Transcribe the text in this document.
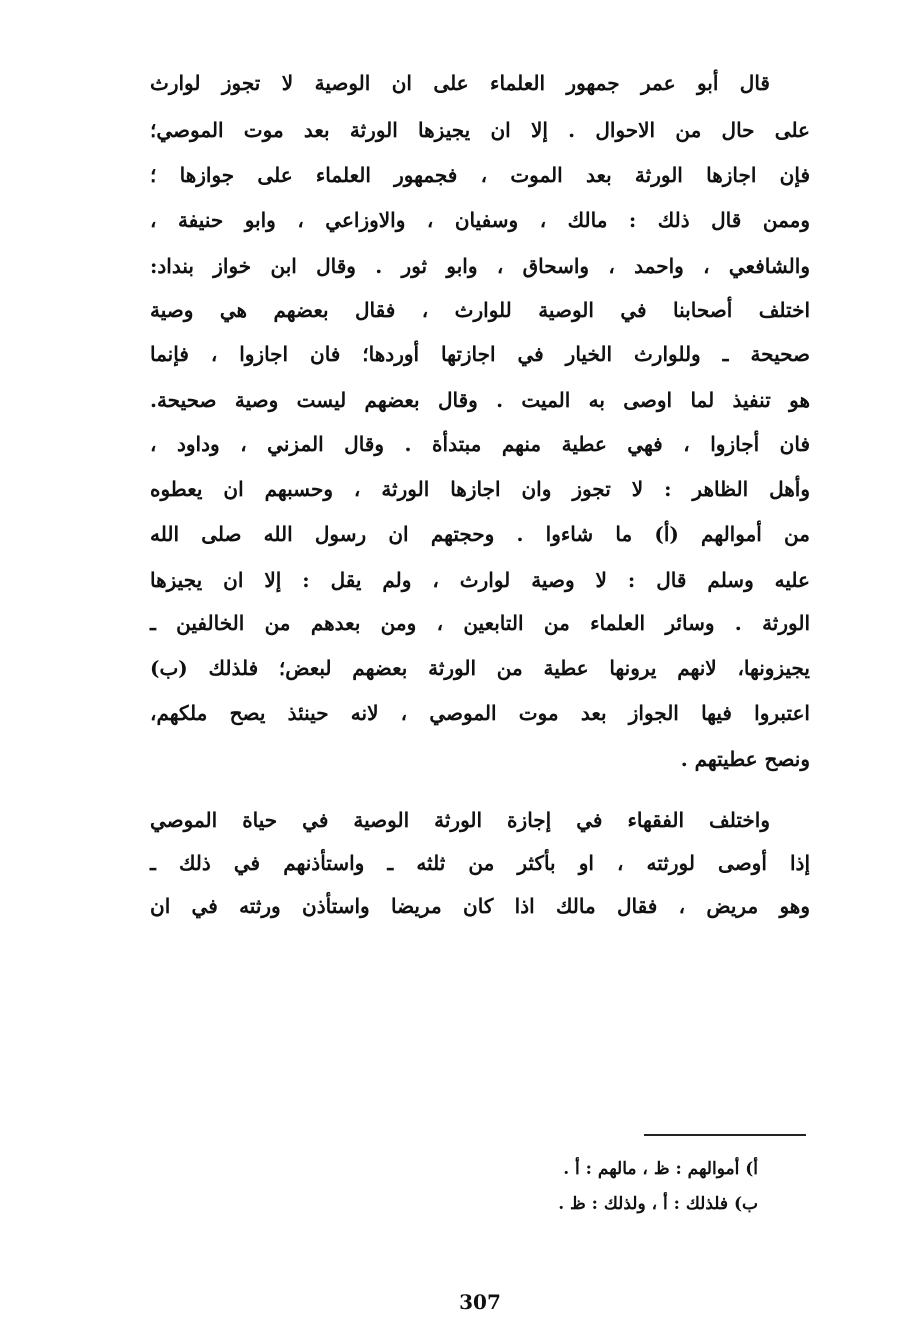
قال أبو عمر جمهور العلماء على ان الوصية لا تجوز لوارث
على حال من الاحوال . إلا ان يجيزها الورثة بعد موت الموصي؛
فإن اجازها الورثة بعد الموت ، فجمهور العلماء على جوازها ؛
وممن قال ذلك : مالك ، وسفيان ، والاوزاعي ، وابو حنيفة ،
والشافعي ، واحمد ، واسحاق ، وابو ثور . وقال ابن خواز بنداد:
اختلف أصحابنا في الوصية للوارث ، فقال بعضهم هي وصية
صحيحة ـ وللوارث الخيار في اجازتها أوردها؛ فان اجازوا ، فإنما
هو تنفيذ لما اوصى به الميت . وقال بعضهم ليست وصية صحيحة.
فان أجازوا ، فهي عطية منهم مبتدأة . وقال المزني ، وداود ،
وأهل الظاهر : لا تجوز وان اجازها الورثة ، وحسبهم ان يعطوه
من أموالهم (أ) ما شاءوا . وحجتهم ان رسول الله صلى الله
عليه وسلم قال : لا وصية لوارث ، ولم يقل : إلا ان يجيزها
الورثة . وسائر العلماء من التابعين ، ومن بعدهم من الخالفين ـ
يجيزونها، لانهم يرونها عطية من الورثة بعضهم لبعض؛ فلذلك (ب)
اعتبروا فيها الجواز بعد موت الموصي ، لانه حينئذ يصح ملكهم،
ونصح عطيتهم .
واختلف الفقهاء في إجازة الورثة الوصية في حياة الموصي
إذا أوصى لورثته ، او بأكثر من ثلثه ـ واستأذنهم في ذلك ـ
وهو مريض ، فقال مالك اذا كان مريضا واستأذن ورثته في ان
أ) أموالهم : ظ ، مالهم : أ .
ب) فلذلك : أ ، ولذلك : ظ .
307
